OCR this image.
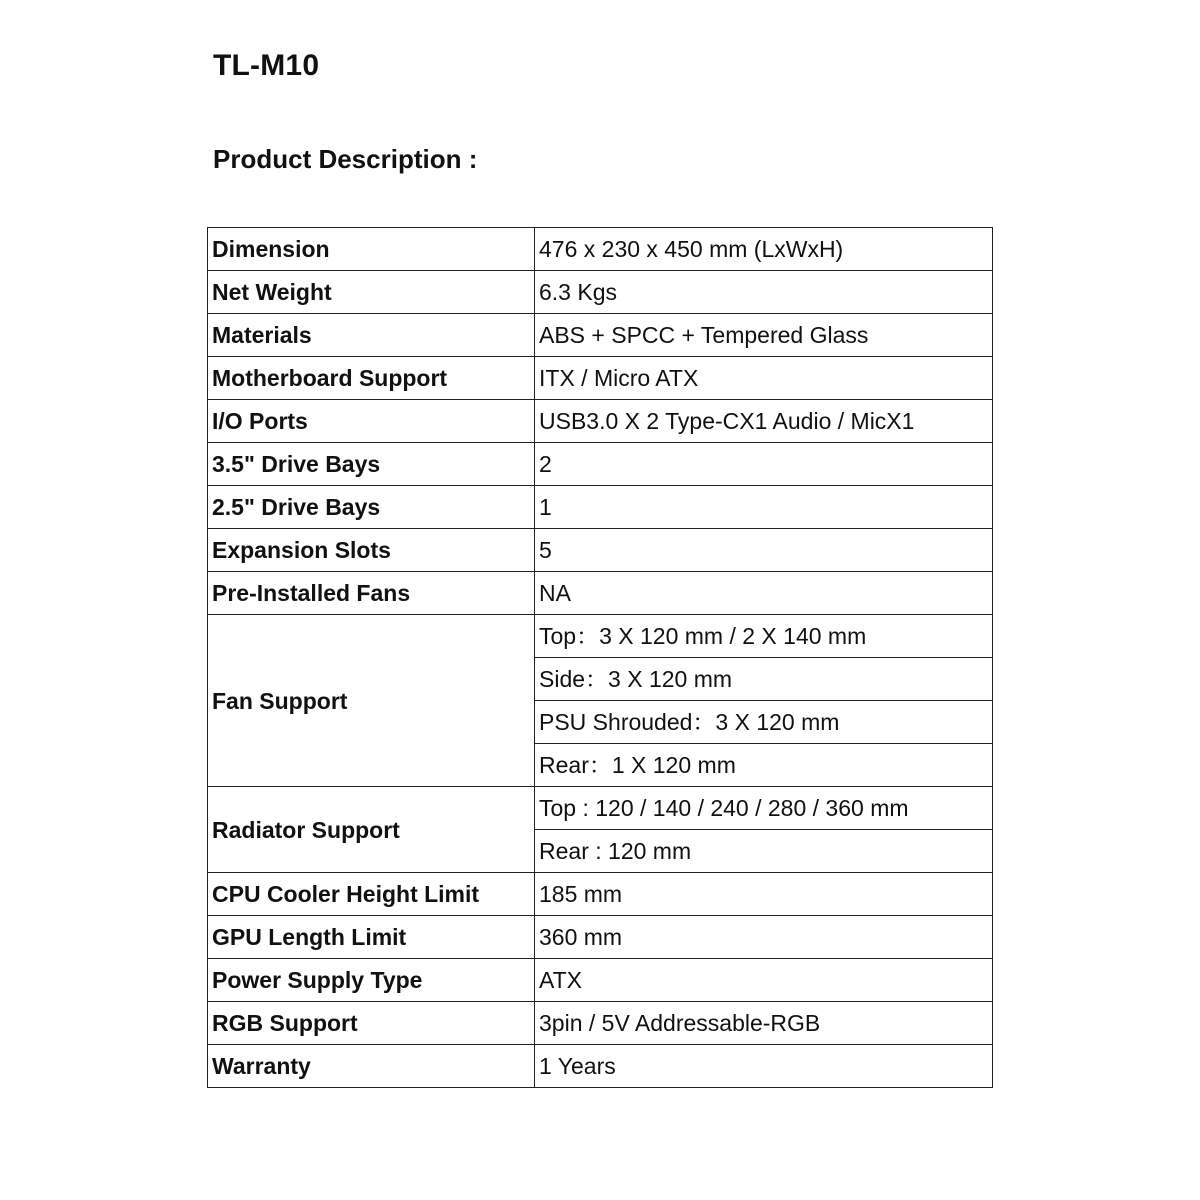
TL-M10
Product Description :
Dimension	476 x 230 x 450 mm (LxWxH)
Net Weight	6.3 Kgs
Materials	ABS + SPCC + Tempered Glass
Motherboard Support	ITX / Micro ATX
I/O Ports	USB3.0 X 2 Type-CX1 Audio / MicX1
3.5" Drive Bays	2
2.5" Drive Bays	1
Expansion Slots	5
Pre-Installed Fans	NA
Fan Support	Top：3 X 120 mm / 2 X 140 mm
	Side：3 X 120 mm
	PSU Shrouded：3 X 120 mm
	Rear：1 X 120 mm
Radiator Support	Top : 120 / 140 / 240 / 280 / 360 mm
	Rear : 120 mm
CPU Cooler Height Limit	185 mm
GPU Length Limit	360 mm
Power Supply Type	ATX
RGB Support	3pin / 5V Addressable-RGB
Warranty	1 Years
